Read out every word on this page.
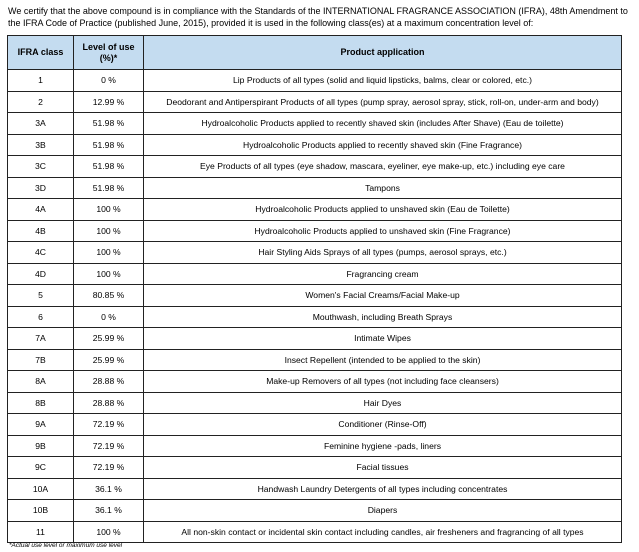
We certify that the above compound is in compliance with the Standards of the INTERNATIONAL FRAGRANCE ASSOCIATION (IFRA), 48th Amendment to the IFRA Code of Practice (published June, 2015), provided it is used in the following class(es) at a maximum concentration level of:
IFRA class	Level of use (%)*	Product application
1	0 %	Lip Products of all types (solid and liquid lipsticks, balms, clear or colored, etc.)
2	12.99 %	Deodorant and Antiperspirant Products of all types (pump spray, aerosol spray, stick, roll-on, under-arm and body)
3A	51.98 %	Hydroalcoholic Products applied to recently shaved skin (includes After Shave) (Eau de toilette)
3B	51.98 %	Hydroalcoholic Products applied to recently shaved skin (Fine Fragrance)
3C	51.98 %	Eye Products of all types (eye shadow, mascara, eyeliner, eye make-up, etc.) including eye care
3D	51.98 %	Tampons
4A	100 %	Hydroalcoholic Products applied to unshaved skin (Eau de Toilette)
4B	100 %	Hydroalcoholic Products applied to unshaved skin (Fine Fragrance)
4C	100 %	Hair Styling Aids Sprays of all types (pumps, aerosol sprays, etc.)
4D	100 %	Fragrancing cream
5	80.85 %	Women's Facial Creams/Facial Make-up
6	0 %	Mouthwash, including Breath Sprays
7A	25.99 %	Intimate Wipes
7B	25.99 %	Insect Repellent (intended to be applied to the skin)
8A	28.88 %	Make-up Removers of all types (not including face cleansers)
8B	28.88 %	Hair Dyes
9A	72.19 %	Conditioner (Rinse-Off)
9B	72.19 %	Feminine hygiene -pads, liners
9C	72.19 %	Facial tissues
10A	36.1 %	Handwash Laundry Detergents of all types including concentrates
10B	36.1 %	Diapers
11	100 %	All non-skin contact or incidental skin contact including candles, air fresheners and fragrancing of all types
*Actual use level or maximum use level
